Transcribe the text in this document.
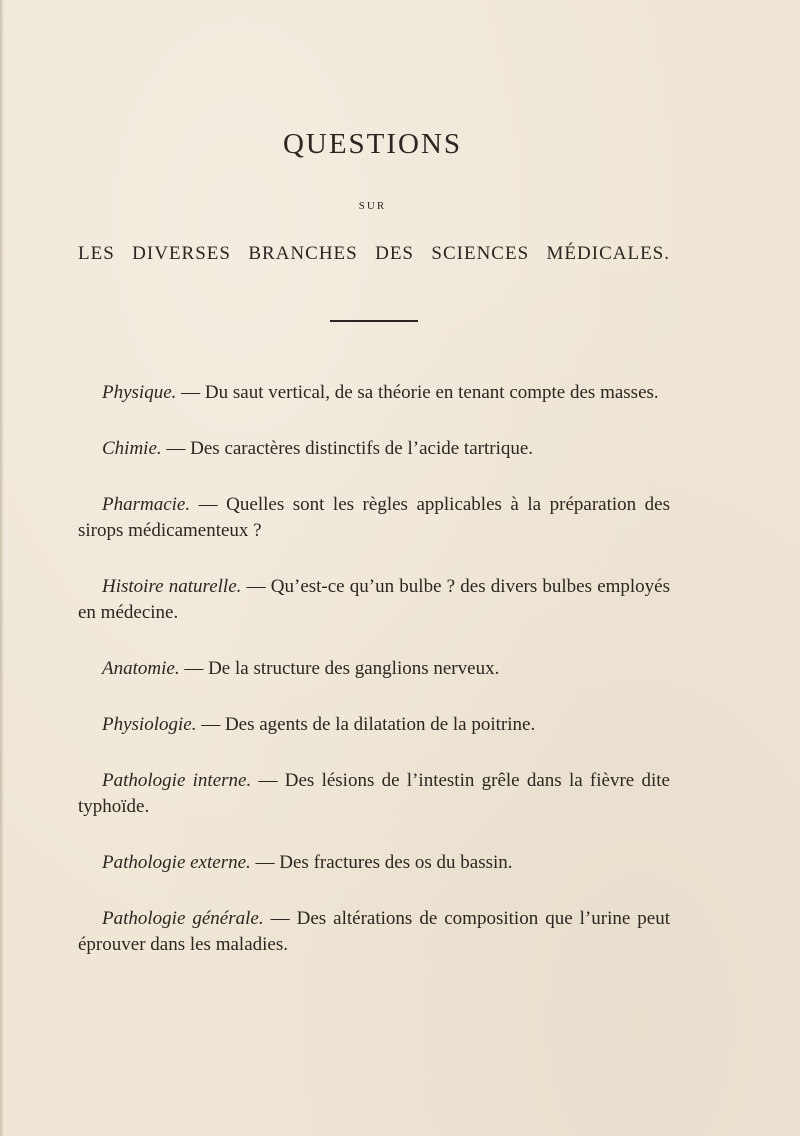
QUESTIONS
SUR
LES DIVERSES BRANCHES DES SCIENCES MÉDICALES.

Physique. — Du saut vertical, de sa théorie en tenant compte des masses.

Chimie. — Des caractères distinctifs de l’acide tartrique.

Pharmacie. — Quelles sont les règles applicables à la préparation des sirops médicamenteux ?

Histoire naturelle. — Qu’est-ce qu’un bulbe ? des divers bulbes employés en médecine.

Anatomie. — De la structure des ganglions nerveux.

Physiologie. — Des agents de la dilatation de la poitrine.

Pathologie interne. — Des lésions de l’intestin grêle dans la fièvre dite typhoïde.

Pathologie externe. — Des fractures des os du bassin.

Pathologie générale. — Des altérations de composition que l’urine peut éprouver dans les maladies.
